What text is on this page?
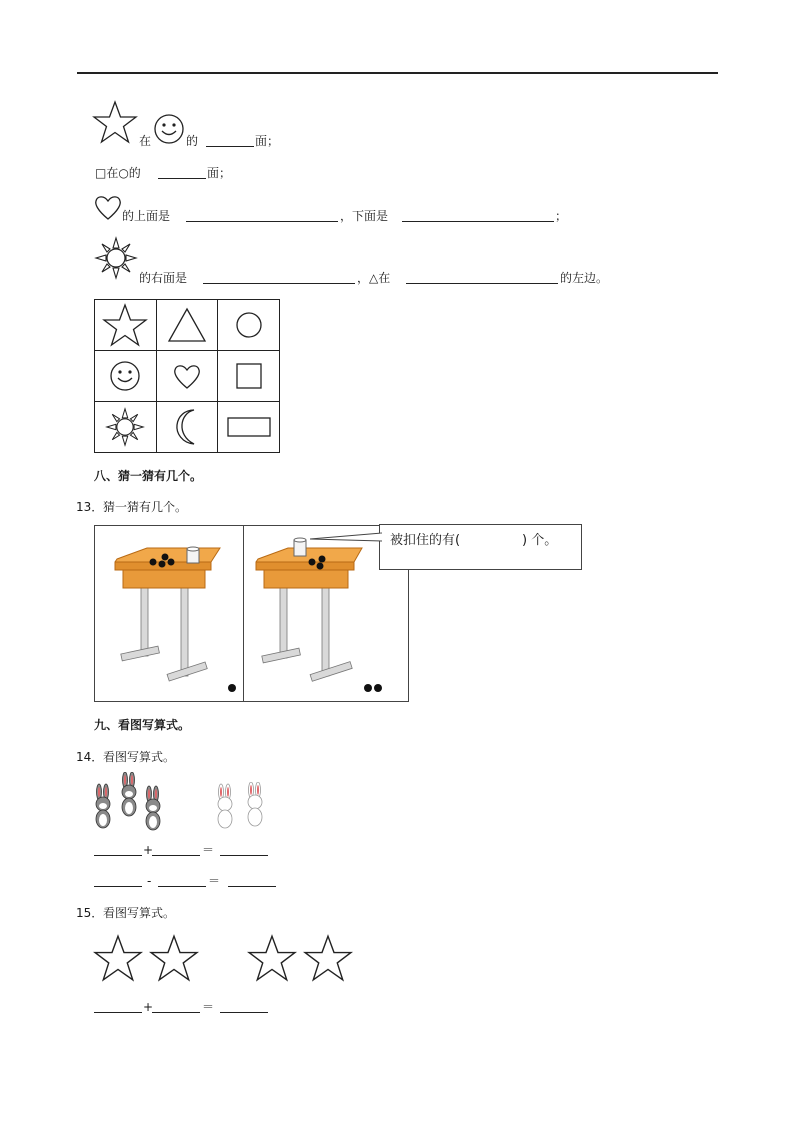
在	的	面；
□在○的	面；
的上面是	，下面是	；
的右面是	，△在	的左边。

八、猜一猜有几个。
13． 猜一猜有几个。
被扣住的有(	) 个。
九、看图写算式。
14． 看图写算式。
+	＝
-	＝
15． 看图写算式。
+	＝
